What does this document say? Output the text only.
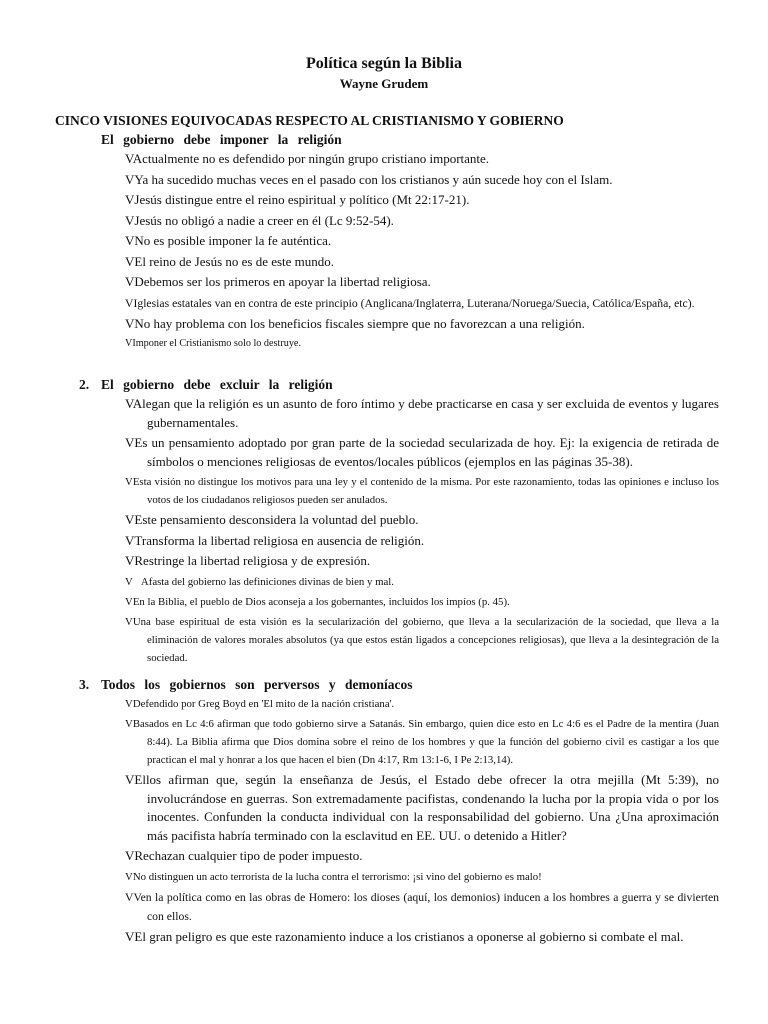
Política según la Biblia
Wayne Grudem
CINCO VISIONES EQUIVOCADAS RESPECTO AL CRISTIANISMO Y GOBIERNO
El gobierno debe imponer la religión
VActualmente no es defendido por ningún grupo cristiano importante.
VYa ha sucedido muchas veces en el pasado con los cristianos y aún sucede hoy con el Islam.
VJesús distingue entre el reino espiritual y político (Mt 22:17-21).
VJesús no obligó a nadie a creer en él (Lc 9:52-54).
VNo es posible imponer la fe auténtica.
VEl reino de Jesús no es de este mundo.
VDebemos ser los primeros en apoyar la libertad religiosa.
VIglesias estatales van en contra de este principio (Anglicana/Inglaterra, Luterana/Noruega/Suecia, Católica/España, etc).
VNo hay problema con los beneficios fiscales siempre que no favorezcan a una religión.
VImponer el Cristianismo solo lo destruye.
2. El gobierno debe excluir la religión
VAlegan que la religión es un asunto de foro íntimo y debe practicarse en casa y ser excluida de eventos y lugares gubernamentales.
VEs un pensamiento adoptado por gran parte de la sociedad secularizada de hoy. Ej: la exigencia de retirada de símbolos o menciones religiosas de eventos/locales públicos (ejemplos en las páginas 35-38).
VEsta visión no distingue los motivos para una ley y el contenido de la misma. Por este razonamiento, todas las opiniones e incluso los votos de los ciudadanos religiosos pueden ser anulados.
VEste pensamiento desconsidera la voluntad del pueblo.
VTransforma la libertad religiosa en ausencia de religión.
VRestringe la libertad religiosa y de expresión.
V Afasta del gobierno las definiciones divinas de bien y mal.
VEn la Biblia, el pueblo de Dios aconseja a los gobernantes, incluidos los impíos (p. 45).
VUna base espiritual de esta visión es la secularización del gobierno, que lleva a la secularización de la sociedad, que lleva a la eliminación de valores morales absolutos (ya que estos están ligados a concepciones religiosas), que lleva a la desintegración de la sociedad.
3. Todos los gobiernos son perversos y demoníacos
VDefendido por Greg Boyd en 'El mito de la nación cristiana'.
VBasados en Lc 4:6 afirman que todo gobierno sirve a Satanás. Sin embargo, quien dice esto en Lc 4:6 es el Padre de la mentira (Juan 8:44). La Biblia afirma que Dios domina sobre el reino de los hombres y que la función del gobierno civil es castigar a los que practican el mal y honrar a los que hacen el bien (Dn 4:17, Rm 13:1-6, I Pe 2:13,14).
VEllos afirman que, según la enseñanza de Jesús, el Estado debe ofrecer la otra mejilla (Mt 5:39), no involucrándose en guerras. Son extremadamente pacifistas, condenando la lucha por la propia vida o por los inocentes. Confunden la conducta individual con la responsabilidad del gobierno. Una ¿Una aproximación más pacifista habría terminado con la esclavitud en EE. UU. o detenido a Hitler?
VRechazan cualquier tipo de poder impuesto.
VNo distinguen un acto terrorista de la lucha contra el terrorismo: ¡si vino del gobierno es malo!
VVen la política como en las obras de Homero: los dioses (aquí, los demonios) inducen a los hombres a guerra y se divierten con ellos.
VEl gran peligro es que este razonamiento induce a los cristianos a oponerse al gobierno si combate el mal.
